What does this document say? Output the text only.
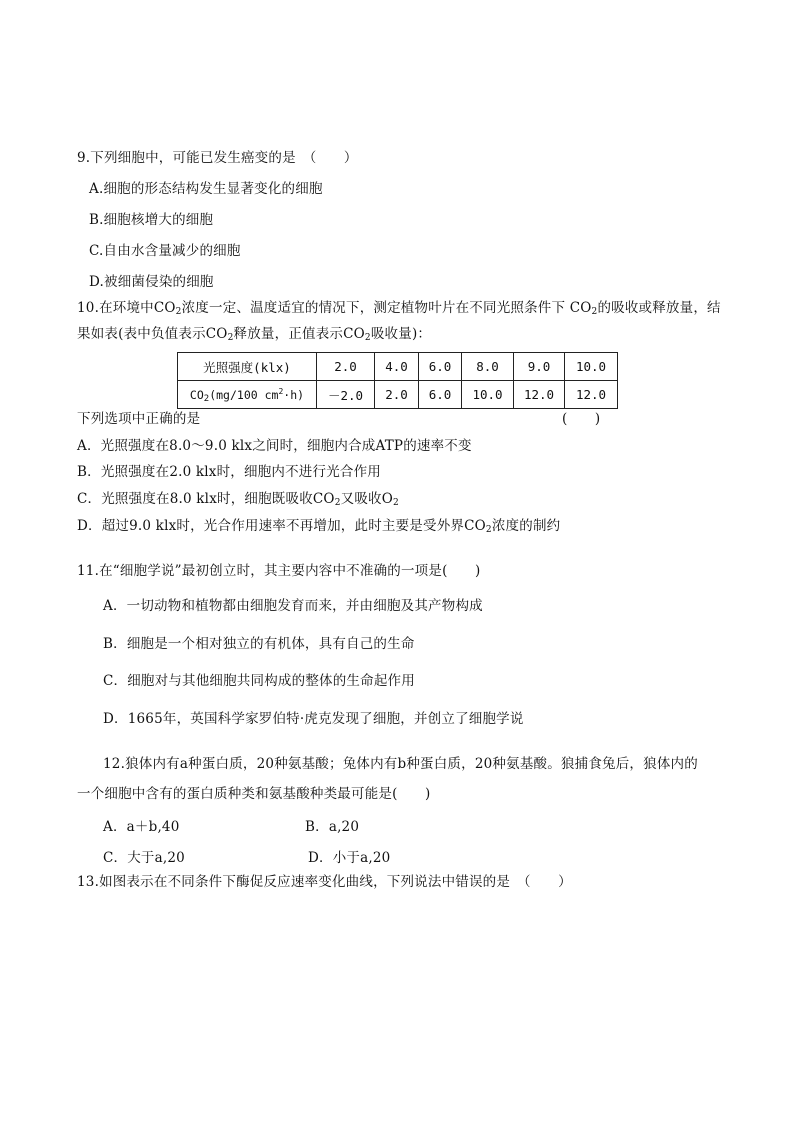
9.下列细胞中，可能已发生癌变的是　（　　）
A.细胞的形态结构发生显著变化的细胞
B.细胞核增大的细胞
C.自由水含量减少的细胞
D.被细菌侵染的细胞
10.在环境中$CO_2$浓度一定、温度适宜的情况下，测定植物叶片在不同光照条件下 $CO_2$的吸收或释放量，结
果如表(表中负值表示$CO_2$释放量，正值表示$CO_2$吸收量)：
光照强度(klx)	2.0	4.0	6.0	8.0	9.0	10.0
$CO_2(mg/100$ $cm^2\cdot h$)	－2.0	2.0	6.0	10.0	12.0	12.0
下列选项中正确的是	(　　)
A．光照强度在8.0～9.0 klx之间时，细胞内合成ATP的速率不变
B．光照强度在2.0 klx时，细胞内不进行光合作用
C．光照强度在8.0 klx时，细胞既吸收$CO_2$又吸收$O_2$
D．超过9.0 klx时，光合作用速率不再增加，此时主要是受外界$CO_2$浓度的制约
11.在“细胞学说”最初创立时，其主要内容中不准确的一项是(　　)
A．一切动物和植物都由细胞发育而来，并由细胞及其产物构成
B．细胞是一个相对独立的有机体，具有自己的生命
C．细胞对与其他细胞共同构成的整体的生命起作用
D．1665年，英国科学家罗伯特·虎克发现了细胞，并创立了细胞学说
12.狼体内有a种蛋白质，20种氨基酸；兔体内有b种蛋白质，20种氨基酸。狼捕食兔后，狼体内的
一个细胞中含有的蛋白质种类和氨基酸种类最可能是(　　)
A．a＋b,40	B．a,20
C．大于a,20	D．小于a,20
13.如图表示在不同条件下酶促反应速率变化曲线，下列说法中错误的是　（　　）
